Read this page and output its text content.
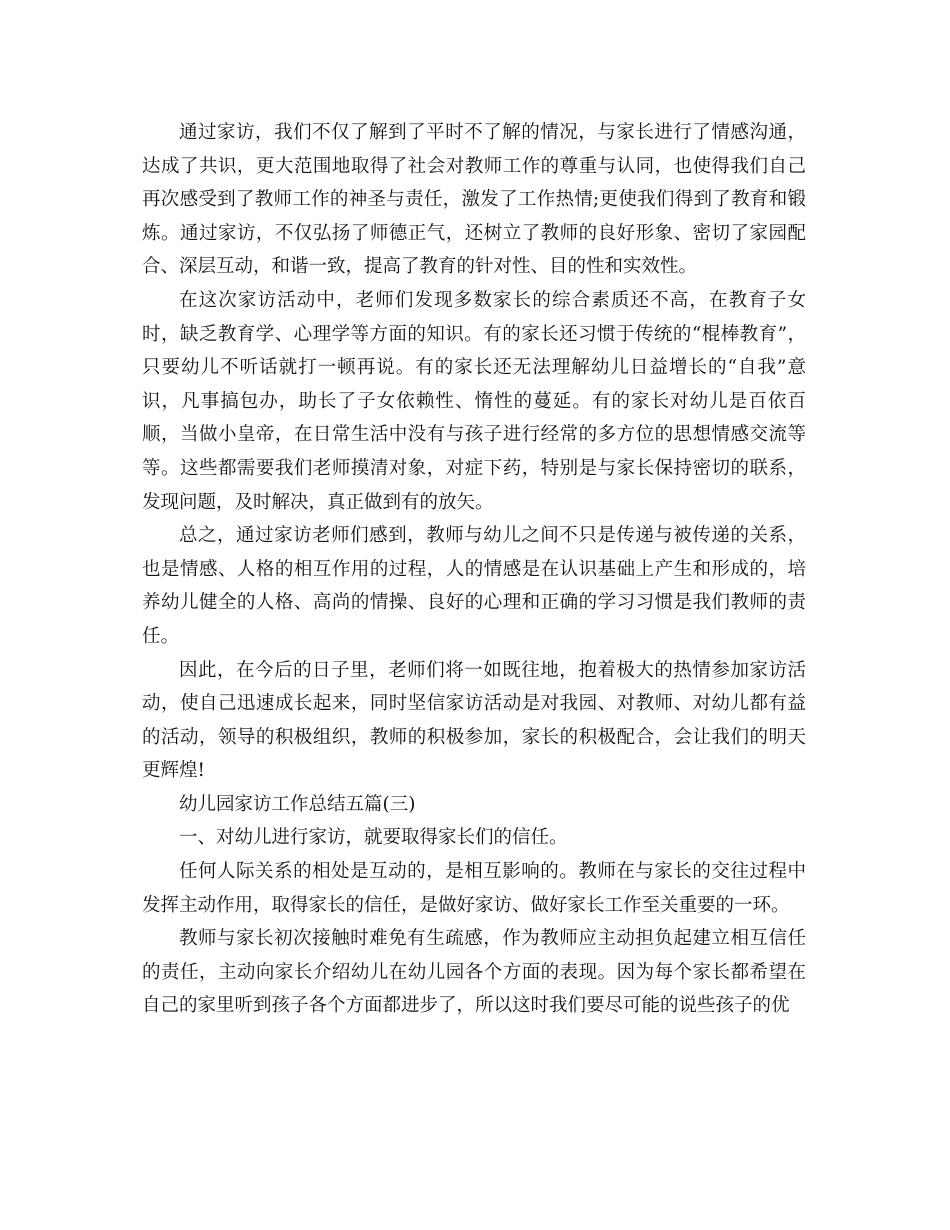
通过家访，我们不仅了解到了平时不了解的情况，与家长进行了情感沟通，达成了共识，更大范围地取得了社会对教师工作的尊重与认同，也使得我们自己再次感受到了教师工作的神圣与责任，激发了工作热情;更使我们得到了教育和锻炼。通过家访，不仅弘扬了师德正气，还树立了教师的良好形象、密切了家园配合、深层互动，和谐一致，提高了教育的针对性、目的性和实效性。

在这次家访活动中，老师们发现多数家长的综合素质还不高，在教育子女时，缺乏教育学、心理学等方面的知识。有的家长还习惯于传统的“棍棒教育”，只要幼儿不听话就打一顿再说。有的家长还无法理解幼儿日益增长的“自我”意识，凡事搞包办，助长了子女依赖性、惰性的蔓延。有的家长对幼儿是百依百顺，当做小皇帝，在日常生活中没有与孩子进行经常的多方位的思想情感交流等等。这些都需要我们老师摸清对象，对症下药，特别是与家长保持密切的联系，发现问题，及时解决，真正做到有的放矢。

总之，通过家访老师们感到，教师与幼儿之间不只是传递与被传递的关系，也是情感、人格的相互作用的过程，人的情感是在认识基础上产生和形成的，培养幼儿健全的人格、高尚的情操、良好的心理和正确的学习习惯是我们教师的责任。

因此，在今后的日子里，老师们将一如既往地，抱着极大的热情参加家访活动，使自己迅速成长起来，同时坚信家访活动是对我园、对教师、对幼儿都有益的活动，领导的积极组织，教师的积极参加，家长的积极配合，会让我们的明天更辉煌!

幼儿园家访工作总结五篇(三)

一、对幼儿进行家访，就要取得家长们的信任。

任何人际关系的相处是互动的，是相互影响的。教师在与家长的交往过程中发挥主动作用，取得家长的信任，是做好家访、做好家长工作至关重要的一环。

教师与家长初次接触时难免有生疏感，作为教师应主动担负起建立相互信任的责任，主动向家长介绍幼儿在幼儿园各个方面的表现。因为每个家长都希望在自己的家里听到孩子各个方面都进步了，所以这时我们要尽可能的说些孩子的优
